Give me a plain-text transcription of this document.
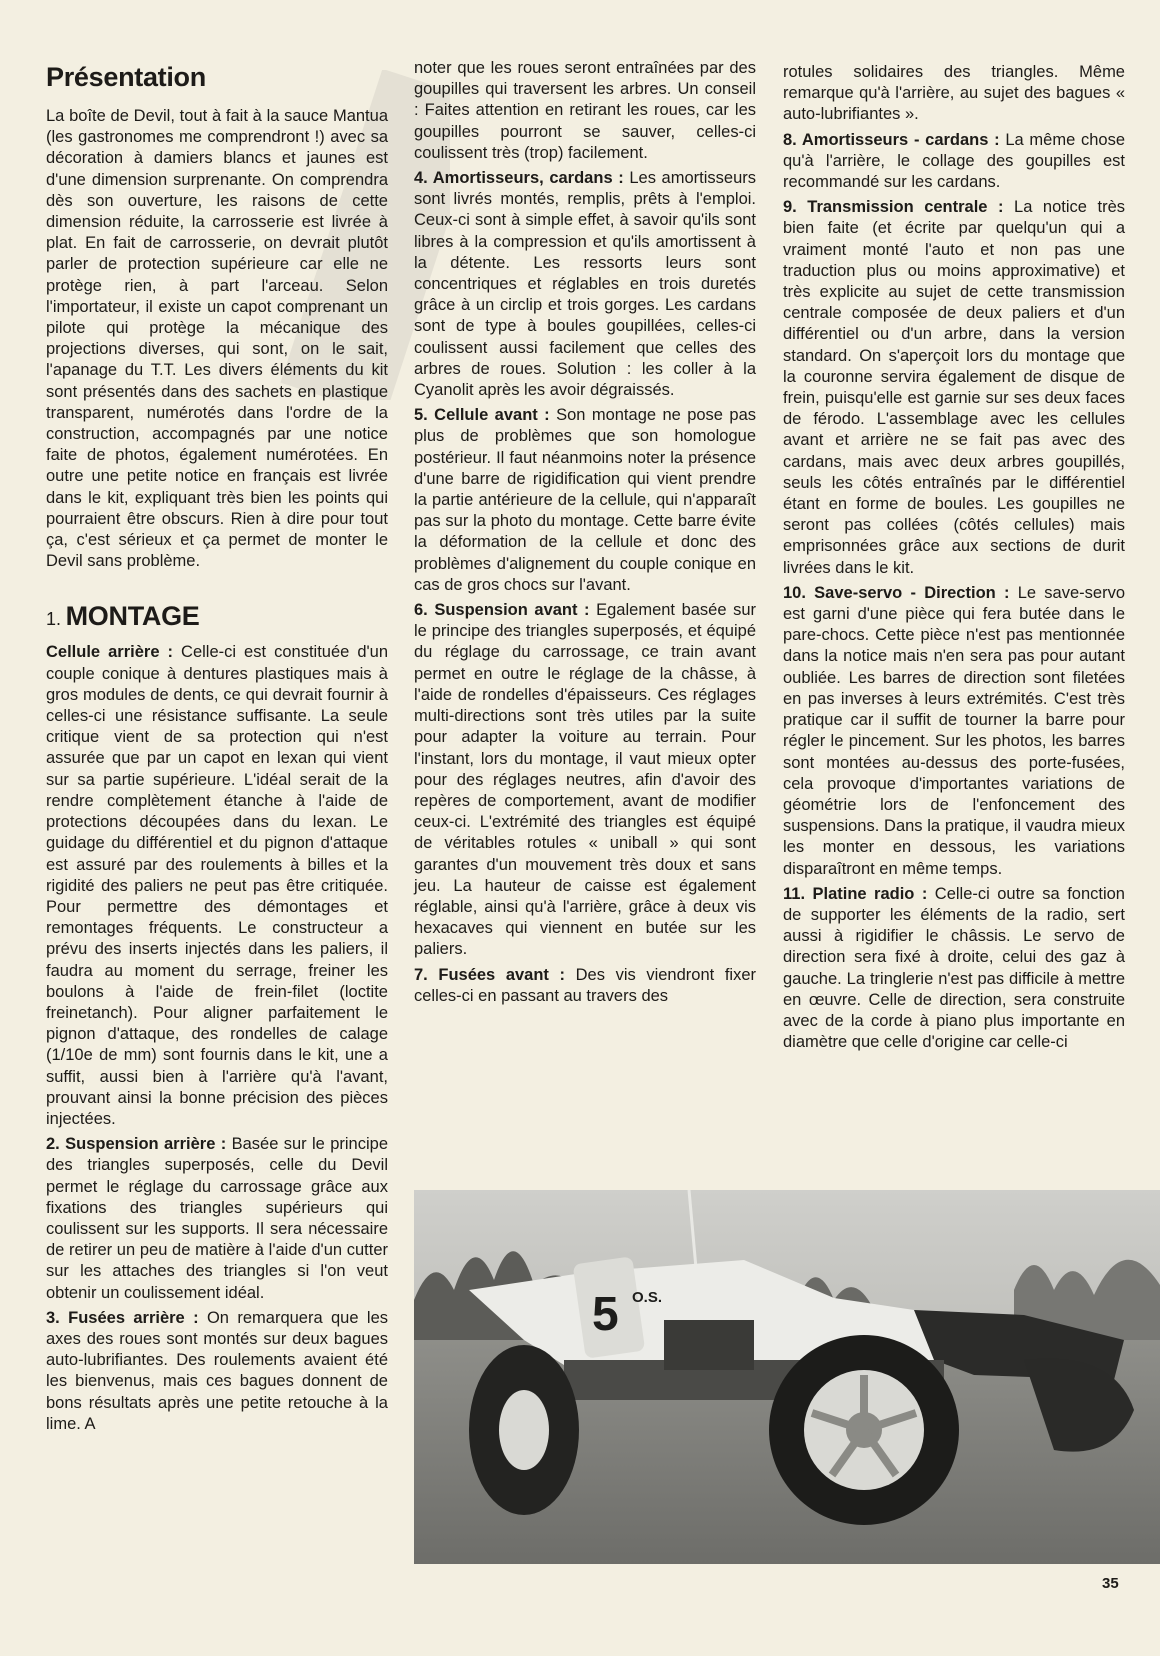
Présentation

La boîte de Devil, tout à fait à la sauce Mantua (les gastronomes me comprendront !) avec sa décoration à damiers blancs et jaunes est d'une dimension surprenante. On comprendra dès son ouverture, les raisons de cette dimension réduite, la carrosserie est livrée à plat. En fait de carrosserie, on devrait plutôt parler de protection supérieure car elle ne protège rien, à part l'arceau. Selon l'importateur, il existe un capot comprenant un pilote qui protège la mécanique des projections diverses, qui sont, on le sait, l'apanage du T.T. Les divers éléments du kit sont présentés dans des sachets en plastique transparent, numérotés dans l'ordre de la construction, accompagnés par une notice faite de photos, également numérotées. En outre une petite notice en français est livrée dans le kit, expliquant très bien les points qui pourraient être obscurs. Rien à dire pour tout ça, c'est sérieux et ça permet de monter le Devil sans problème.

1. MONTAGE

Cellule arrière : Celle-ci est constituée d'un couple conique à dentures plastiques mais à gros modules de dents, ce qui devrait fournir à celles-ci une résistance suffisante. La seule critique vient de sa protection qui n'est assurée que par un capot en lexan qui vient sur sa partie supérieure. L'idéal serait de la rendre complètement étanche à l'aide de protections découpées dans du lexan. Le guidage du différentiel et du pignon d'attaque est assuré par des roulements à billes et la rigidité des paliers ne peut pas être critiquée. Pour permettre des démontages et remontages fréquents. Le constructeur a prévu des inserts injectés dans les paliers, il faudra au moment du serrage, freiner les boulons à l'aide de frein-filet (loctite freinetanch). Pour aligner parfaitement le pignon d'attaque, des rondelles de calage (1/10e de mm) sont fournis dans le kit, une a suffit, aussi bien à l'arrière qu'à l'avant, prouvant ainsi la bonne précision des pièces injectées.

2. Suspension arrière : Basée sur le principe des triangles superposés, celle du Devil permet le réglage du carrossage grâce aux fixations des triangles supérieurs qui coulissent sur les supports. Il sera nécessaire de retirer un peu de matière à l'aide d'un cutter sur les attaches des triangles si l'on veut obtenir un coulissement idéal.

3. Fusées arrière : On remarquera que les axes des roues sont montés sur deux bagues auto-lubrifiantes. Des roulements avaient été les bienvenus, mais ces bagues donnent de bons résultats après une petite retouche à la lime. A

noter que les roues seront entraînées par des goupilles qui traversent les arbres. Un conseil : Faites attention en retirant les roues, car les goupilles pourront se sauver, celles-ci coulissent très (trop) facilement.

4. Amortisseurs, cardans : Les amortisseurs sont livrés montés, remplis, prêts à l'emploi. Ceux-ci sont à simple effet, à savoir qu'ils sont libres à la compression et qu'ils amortissent à la détente. Les ressorts leurs sont concentriques et réglables en trois duretés grâce à un circlip et trois gorges. Les cardans sont de type à boules goupillées, celles-ci coulissent aussi facilement que celles des arbres de roues. Solution : les coller à la Cyanolit après les avoir dégraissés.

5. Cellule avant : Son montage ne pose pas plus de problèmes que son homologue postérieur. Il faut néanmoins noter la présence d'une barre de rigidification qui vient prendre la partie antérieure de la cellule, qui n'apparaît pas sur la photo du montage. Cette barre évite la déformation de la cellule et donc des problèmes d'alignement du couple conique en cas de gros chocs sur l'avant.

6. Suspension avant : Egalement basée sur le principe des triangles superposés, et équipé du réglage du carrossage, ce train avant permet en outre le réglage de la châsse, à l'aide de rondelles d'épaisseurs. Ces réglages multi-directions sont très utiles par la suite pour adapter la voiture au terrain. Pour l'instant, lors du montage, il vaut mieux opter pour des réglages neutres, afin d'avoir des repères de comportement, avant de modifier ceux-ci. L'extrémité des triangles est équipé de véritables rotules « uniball » qui sont garantes d'un mouvement très doux et sans jeu. La hauteur de caisse est également réglable, ainsi qu'à l'arrière, grâce à deux vis hexacaves qui viennent en butée sur les paliers.

7. Fusées avant : Des vis viendront fixer celles-ci en passant au travers des

rotules solidaires des triangles. Même remarque qu'à l'arrière, au sujet des bagues « auto-lubrifiantes ».

8. Amortisseurs - cardans : La même chose qu'à l'arrière, le collage des goupilles est recommandé sur les cardans.

9. Transmission centrale : La notice très bien faite (et écrite par quelqu'un qui a vraiment monté l'auto et non pas une traduction plus ou moins approximative) et très explicite au sujet de cette transmission centrale composée de deux paliers et d'un différentiel ou d'un arbre, dans la version standard. On s'aperçoit lors du montage que la couronne servira également de disque de frein, puisqu'elle est garnie sur ses deux faces de férodo. L'assemblage avec les cellules avant et arrière ne se fait pas avec des cardans, mais avec deux arbres goupillés, seuls les côtés entraînés par le différentiel étant en forme de boules. Les goupilles ne seront pas collées (côtés cellules) mais emprisonnées grâce aux sections de durit livrées dans le kit.

10. Save-servo - Direction : Le save-servo est garni d'une pièce qui fera butée dans le pare-chocs. Cette pièce n'est pas mentionnée dans la notice mais n'en sera pas pour autant oubliée. Les barres de direction sont filetées en pas inverses à leurs extrémités. C'est très pratique car il suffit de tourner la barre pour régler le pincement. Sur les photos, les barres sont montées au-dessus des porte-fusées, cela provoque d'importantes variations de géométrie lors de l'enfoncement des suspensions. Dans la pratique, il vaudra mieux les monter en dessous, les variations disparaîtront en même temps.

11. Platine radio : Celle-ci outre sa fonction de supporter les éléments de la radio, sert aussi à rigidifier le châssis. Le servo de direction sera fixé à droite, celui des gaz à gauche. La tringlerie n'est pas difficile à mettre en œuvre. Celle de direction, sera construite avec de la corde à piano plus importante en diamètre que celle d'origine car celle-ci

5 O.S.
35
